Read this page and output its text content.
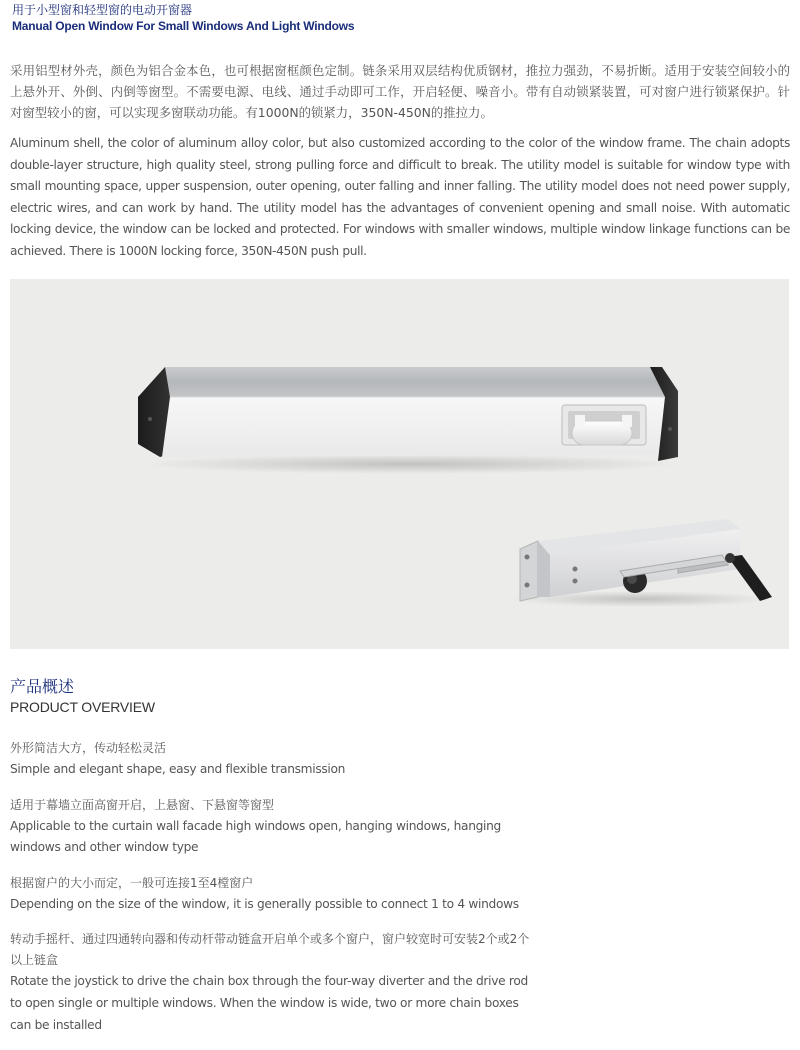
用于小型窗和轻型窗的电动开窗器
Manual Open Window For Small Windows And Light Windows

采用铝型材外壳，颜色为铝合金本色，也可根据窗框颜色定制。链条采用双层结构优质钢材，推拉力强劲，不易折断。适用于安装空间较小的上悬外开、外倒、内倒等窗型。不需要电源、电线、通过手动即可工作，开启轻便、噪音小。带有自动锁紧装置，可对窗户进行锁紧保护。针对窗型较小的窗，可以实现多窗联动功能。有1000N的锁紧力，350N-450N的推拉力。

Aluminum shell, the color of aluminum alloy color, but also customized according to the color of the window frame. The chain adopts double-layer structure, high quality steel, strong pulling force and difficult to break. The utility model is suitable for window type with small mounting space, upper suspension, outer opening, outer falling and inner falling. The utility model does not need power supply, electric wires, and can work by hand. The utility model has the advantages of convenient opening and small noise. With automatic locking device, the window can be locked and protected. For windows with smaller windows, multiple window linkage functions can be achieved. There is 1000N locking force, 350N-450N push pull.

产品概述
PRODUCT OVERVIEW
外形简洁大方，传动轻松灵活
Simple and elegant shape, easy and flexible transmission
适用于幕墙立面高窗开启，上悬窗、下悬窗等窗型
Applicable to the curtain wall facade high windows open, hanging windows, hanging windows and other window type
根据窗户的大小而定，一般可连接1至4樘窗户
Depending on the size of the window, it is generally possible to connect 1 to 4 windows
转动手摇杆、通过四通转向器和传动杆带动链盒开启单个或多个窗户，窗户较宽时可安装2个或2个以上链盒
Rotate the joystick to drive the chain box through the four-way diverter and the drive rod to open single or multiple windows. When the window is wide, two or more chain boxes can be installed
